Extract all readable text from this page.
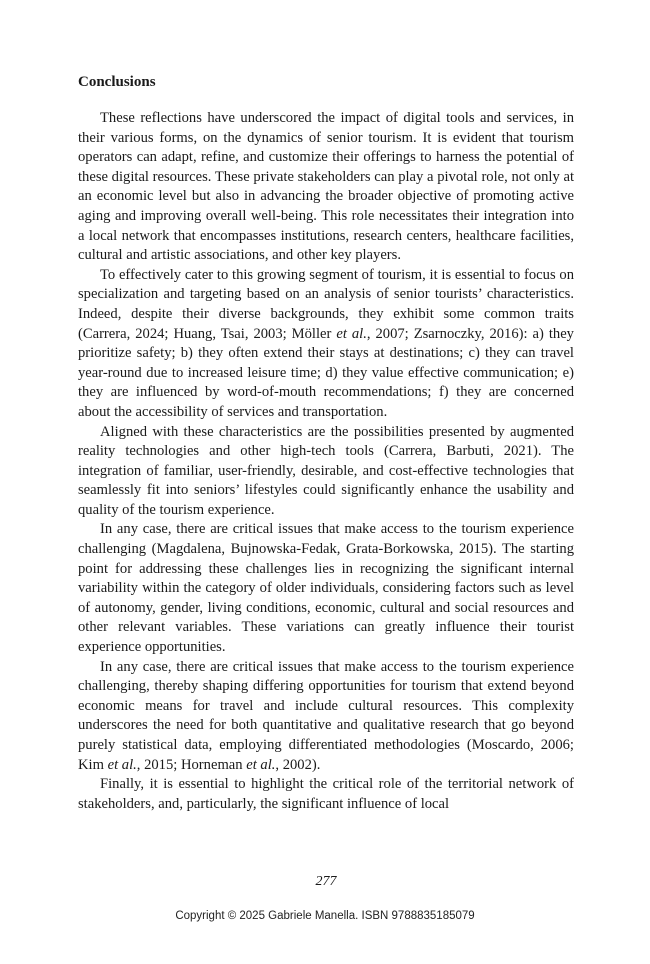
Conclusions

These reflections have underscored the impact of digital tools and services, in their various forms, on the dynamics of senior tourism. It is evident that tourism operators can adapt, refine, and customize their offerings to harness the potential of these digital resources. These private stakeholders can play a pivotal role, not only at an economic level but also in advancing the broader objective of promoting active aging and improving overall well-being. This role necessitates their integration into a local network that encompasses institutions, research centers, healthcare facilities, cultural and artistic associations, and other key players.

To effectively cater to this growing segment of tourism, it is essential to focus on specialization and targeting based on an analysis of senior tourists’ characteristics. Indeed, despite their diverse backgrounds, they exhibit some common traits (Carrera, 2024; Huang, Tsai, 2003; Möller et al., 2007; Zsarnoczky, 2016): a) they prioritize safety; b) they often extend their stays at destinations; c) they can travel year-round due to increased leisure time; d) they value effective communication; e) they are influenced by word-of-mouth recommendations; f) they are concerned about the accessibility of services and transportation.

Aligned with these characteristics are the possibilities presented by augmented reality technologies and other high-tech tools (Carrera, Barbuti, 2021). The integration of familiar, user-friendly, desirable, and cost-effective technologies that seamlessly fit into seniors’ lifestyles could significantly enhance the usability and quality of the tourism experience.

In any case, there are critical issues that make access to the tourism experience challenging (Magdalena, Bujnowska-Fedak, Grata-Borkowska, 2015). The starting point for addressing these challenges lies in recognizing the significant internal variability within the category of older individuals, considering factors such as level of autonomy, gender, living conditions, economic, cultural and social resources and other relevant variables. These variations can greatly influence their tourist experience opportunities.

In any case, there are critical issues that make access to the tourism experience challenging, thereby shaping differing opportunities for tourism that extend beyond economic means for travel and include cultural resources. This complexity underscores the need for both quantitative and qualitative research that go beyond purely statistical data, employing differentiated methodologies (Moscardo, 2006; Kim et al., 2015; Horneman et al., 2002).

Finally, it is essential to highlight the critical role of the territorial network of stakeholders, and, particularly, the significant influence of local

277
Copyright © 2025 Gabriele Manella. ISBN 9788835185079
